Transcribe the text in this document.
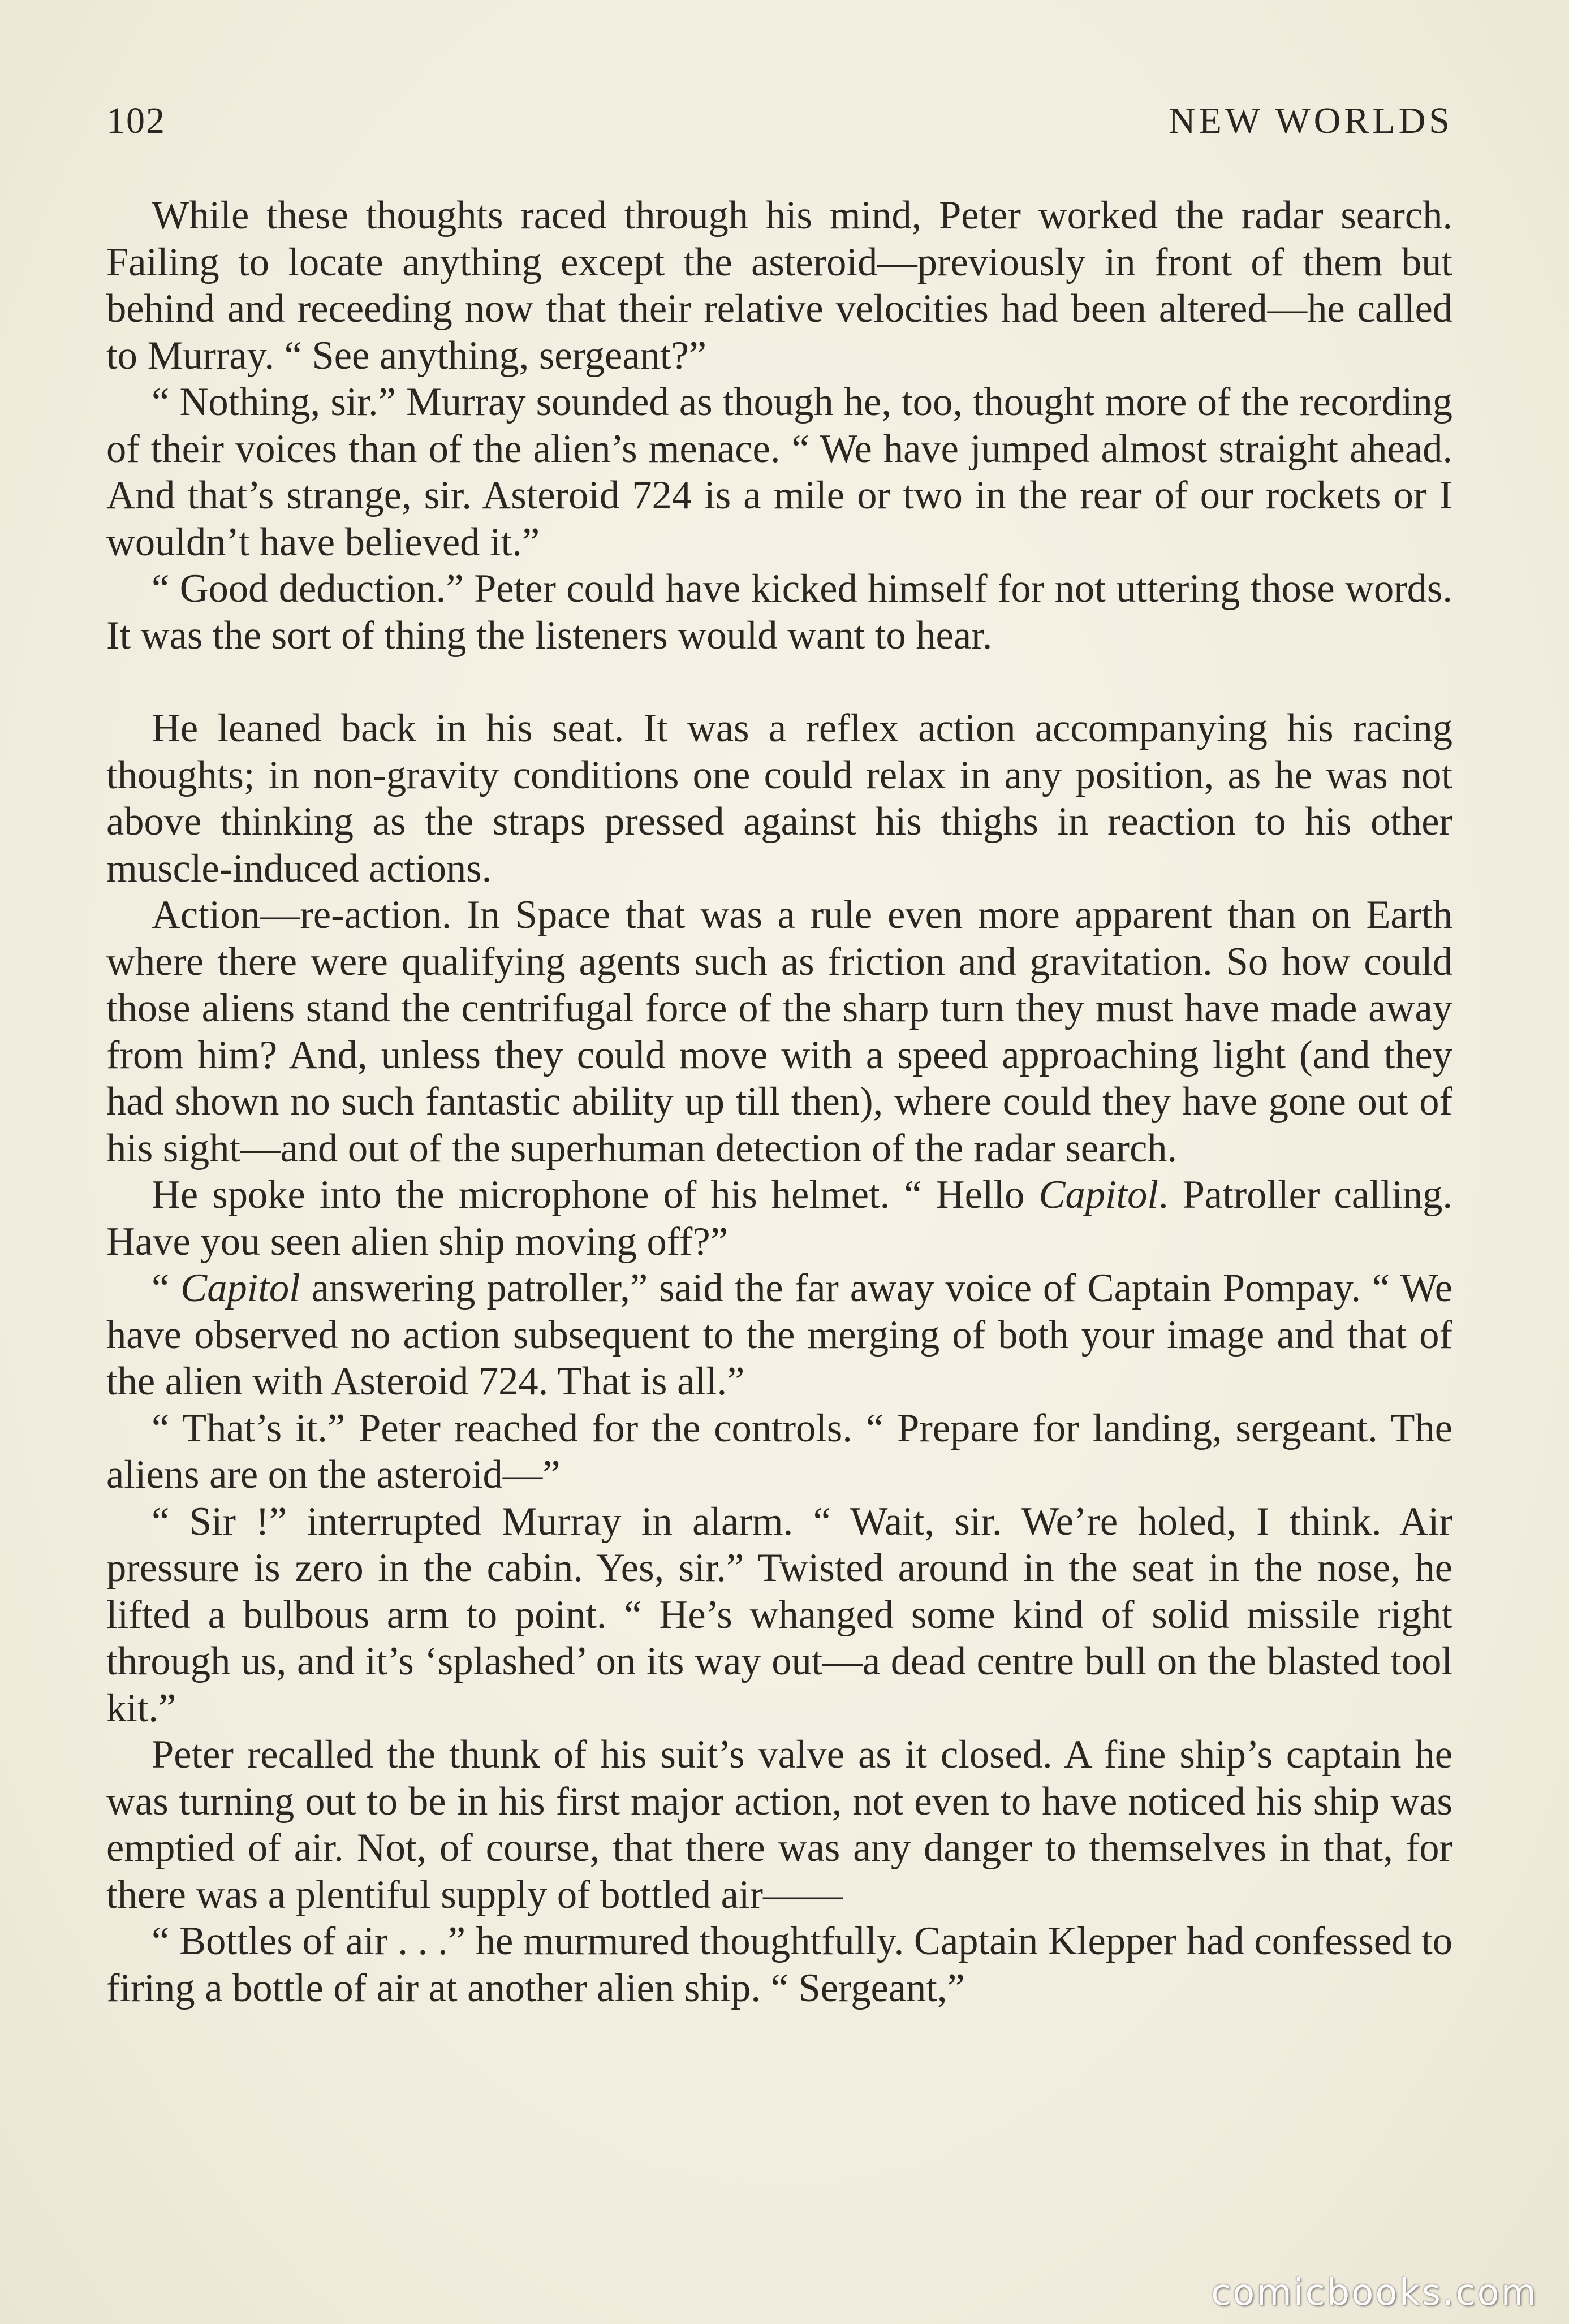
102	NEW WORLDS

While these thoughts raced through his mind, Peter worked the radar search. Failing to locate anything except the asteroid—previously in front of them but behind and receeding now that their relative velocities had been altered—he called to Murray. “ See anything, sergeant?”

“ Nothing, sir.” Murray sounded as though he, too, thought more of the recording of their voices than of the alien’s menace. “ We have jumped almost straight ahead. And that’s strange, sir. Asteroid 724 is a mile or two in the rear of our rockets or I wouldn’t have believed it.”

“ Good deduction.” Peter could have kicked himself for not uttering those words. It was the sort of thing the listeners would want to hear.

He leaned back in his seat. It was a reflex action accompanying his racing thoughts; in non-gravity conditions one could relax in any position, as he was not above thinking as the straps pressed against his thighs in reaction to his other muscle-induced actions.

Action—re-action. In Space that was a rule even more apparent than on Earth where there were qualifying agents such as friction and gravitation. So how could those aliens stand the centrifugal force of the sharp turn they must have made away from him? And, unless they could move with a speed approaching light (and they had shown no such fantastic ability up till then), where could they have gone out of his sight—and out of the superhuman detection of the radar search.

He spoke into the microphone of his helmet. “ Hello Capitol. Patroller calling. Have you seen alien ship moving off?”

“ Capitol answering patroller,” said the far away voice of Captain Pompay. “ We have observed no action subsequent to the merging of both your image and that of the alien with Asteroid 724. That is all.”

“ That’s it.” Peter reached for the controls. “ Prepare for landing, sergeant. The aliens are on the asteroid—”

“ Sir !” interrupted Murray in alarm. “ Wait, sir. We’re holed, I think. Air pressure is zero in the cabin. Yes, sir.” Twisted around in the seat in the nose, he lifted a bulbous arm to point. “ He’s whanged some kind of solid missile right through us, and it’s ‘splashed’ on its way out—a dead centre bull on the blasted tool kit.”

Peter recalled the thunk of his suit’s valve as it closed. A fine ship’s captain he was turning out to be in his first major action, not even to have noticed his ship was emptied of air. Not, of course, that there was any danger to themselves in that, for there was a plentiful supply of bottled air——

“ Bottles of air . . .” he murmured thoughtfully. Captain Klepper had confessed to firing a bottle of air at another alien ship. “ Sergeant,”

comicbooks.com
